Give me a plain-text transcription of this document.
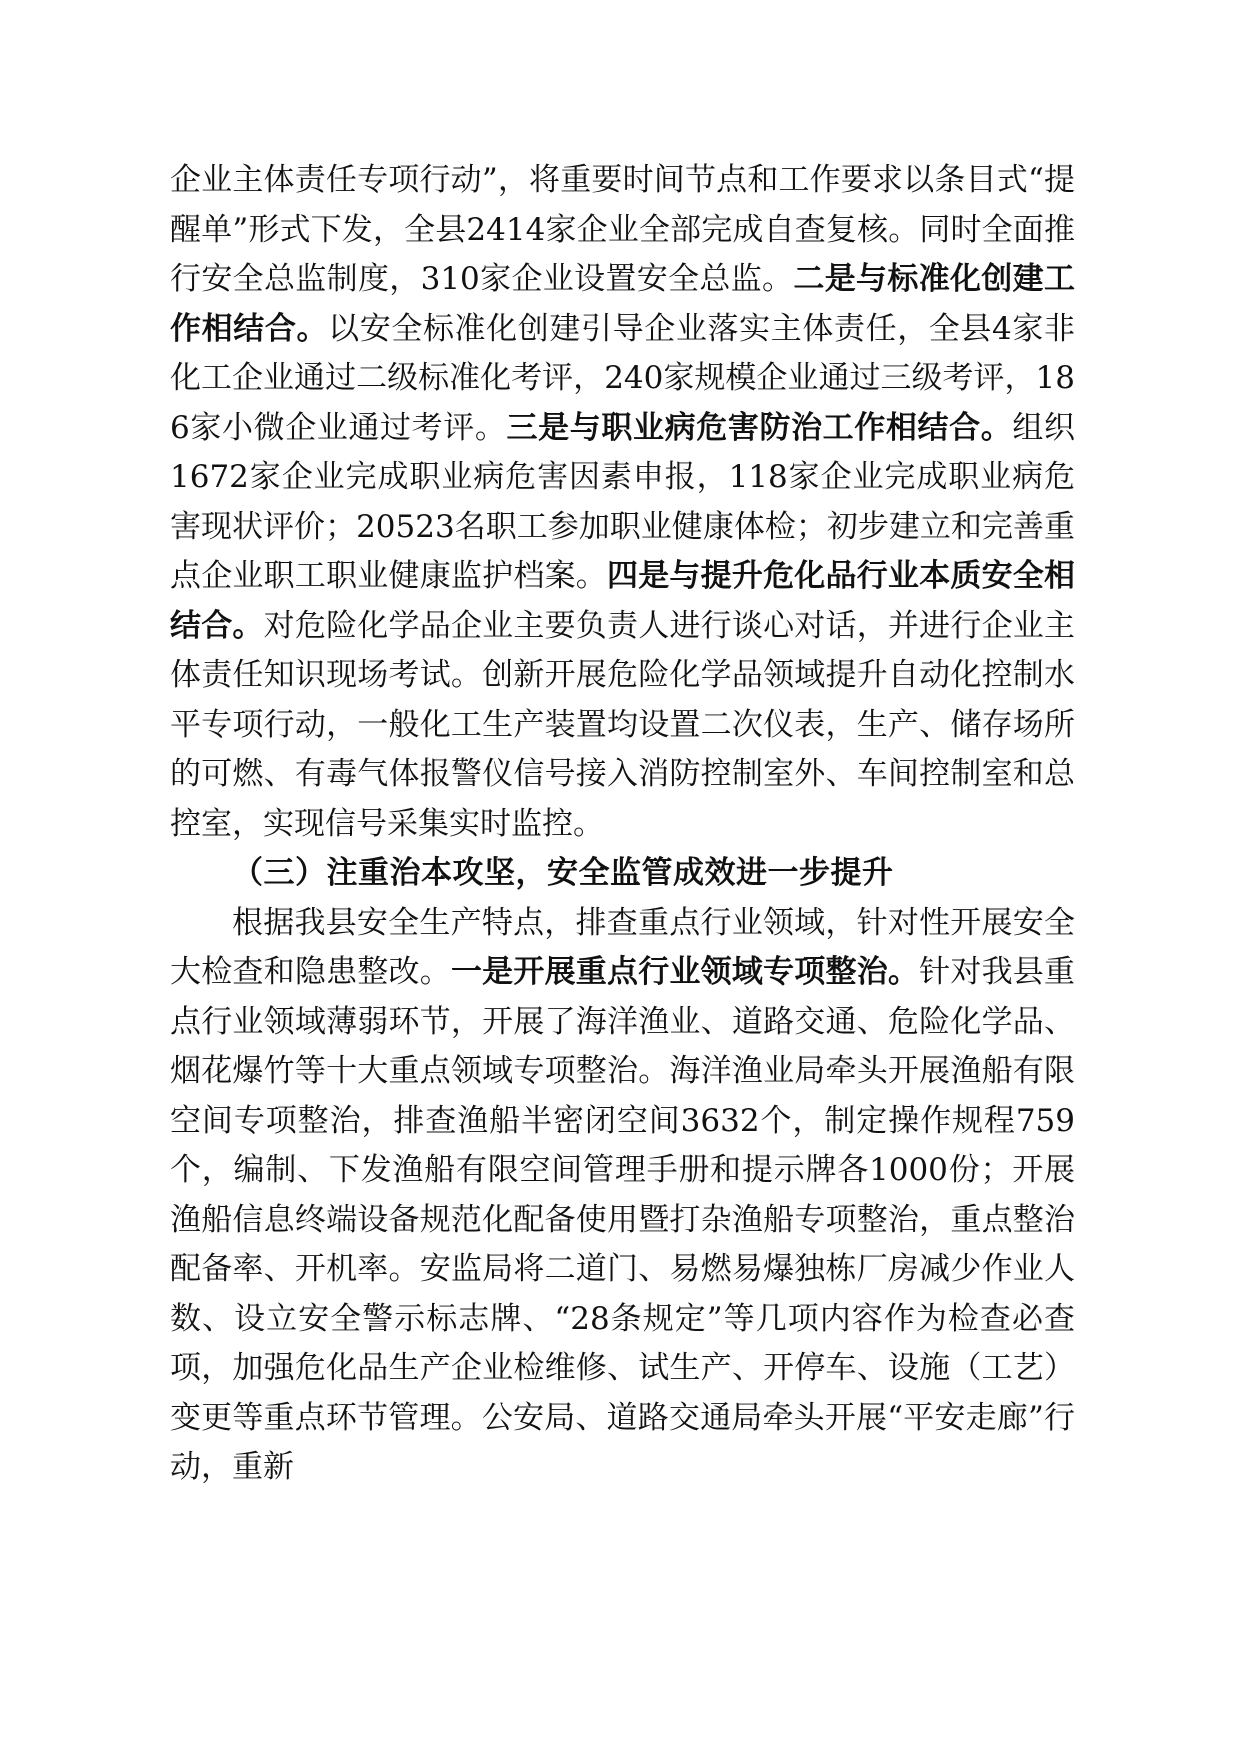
企业主体责任专项行动”，将重要时间节点和工作要求以条目式“提醒单”形式下发，全县2414家企业全部完成自查复核。同时全面推行安全总监制度，310家企业设置安全总监。二是与标准化创建工作相结合。以安全标准化创建引导企业落实主体责任，全县4家非化工企业通过二级标准化考评，240家规模企业通过三级考评，186家小微企业通过考评。三是与职业病危害防治工作相结合。组织1672家企业完成职业病危害因素申报，118家企业完成职业病危害现状评价；20523名职工参加职业健康体检；初步建立和完善重点企业职工职业健康监护档案。四是与提升危化品行业本质安全相结合。对危险化学品企业主要负责人进行谈心对话，并进行企业主体责任知识现场考试。创新开展危险化学品领域提升自动化控制水平专项行动，一般化工生产装置均设置二次仪表，生产、储存场所的可燃、有毒气体报警仪信号接入消防控制室外、车间控制室和总控室，实现信号采集实时监控。

（三）注重治本攻坚，安全监管成效进一步提升

根据我县安全生产特点，排查重点行业领域，针对性开展安全大检查和隐患整改。一是开展重点行业领域专项整治。针对我县重点行业领域薄弱环节，开展了海洋渔业、道路交通、危险化学品、烟花爆竹等十大重点领域专项整治。海洋渔业局牵头开展渔船有限空间专项整治，排查渔船半密闭空间3632个，制定操作规程759个，编制、下发渔船有限空间管理手册和提示牌各1000份；开展渔船信息终端设备规范化配备使用暨打杂渔船专项整治，重点整治配备率、开机率。安监局将二道门、易燃易爆独栋厂房减少作业人数、设立安全警示标志牌、“28条规定”等几项内容作为检查必查项，加强危化品生产企业检维修、试生产、开停车、设施（工艺）变更等重点环节管理。公安局、道路交通局牵头开展“平安走廊”行动，重新
